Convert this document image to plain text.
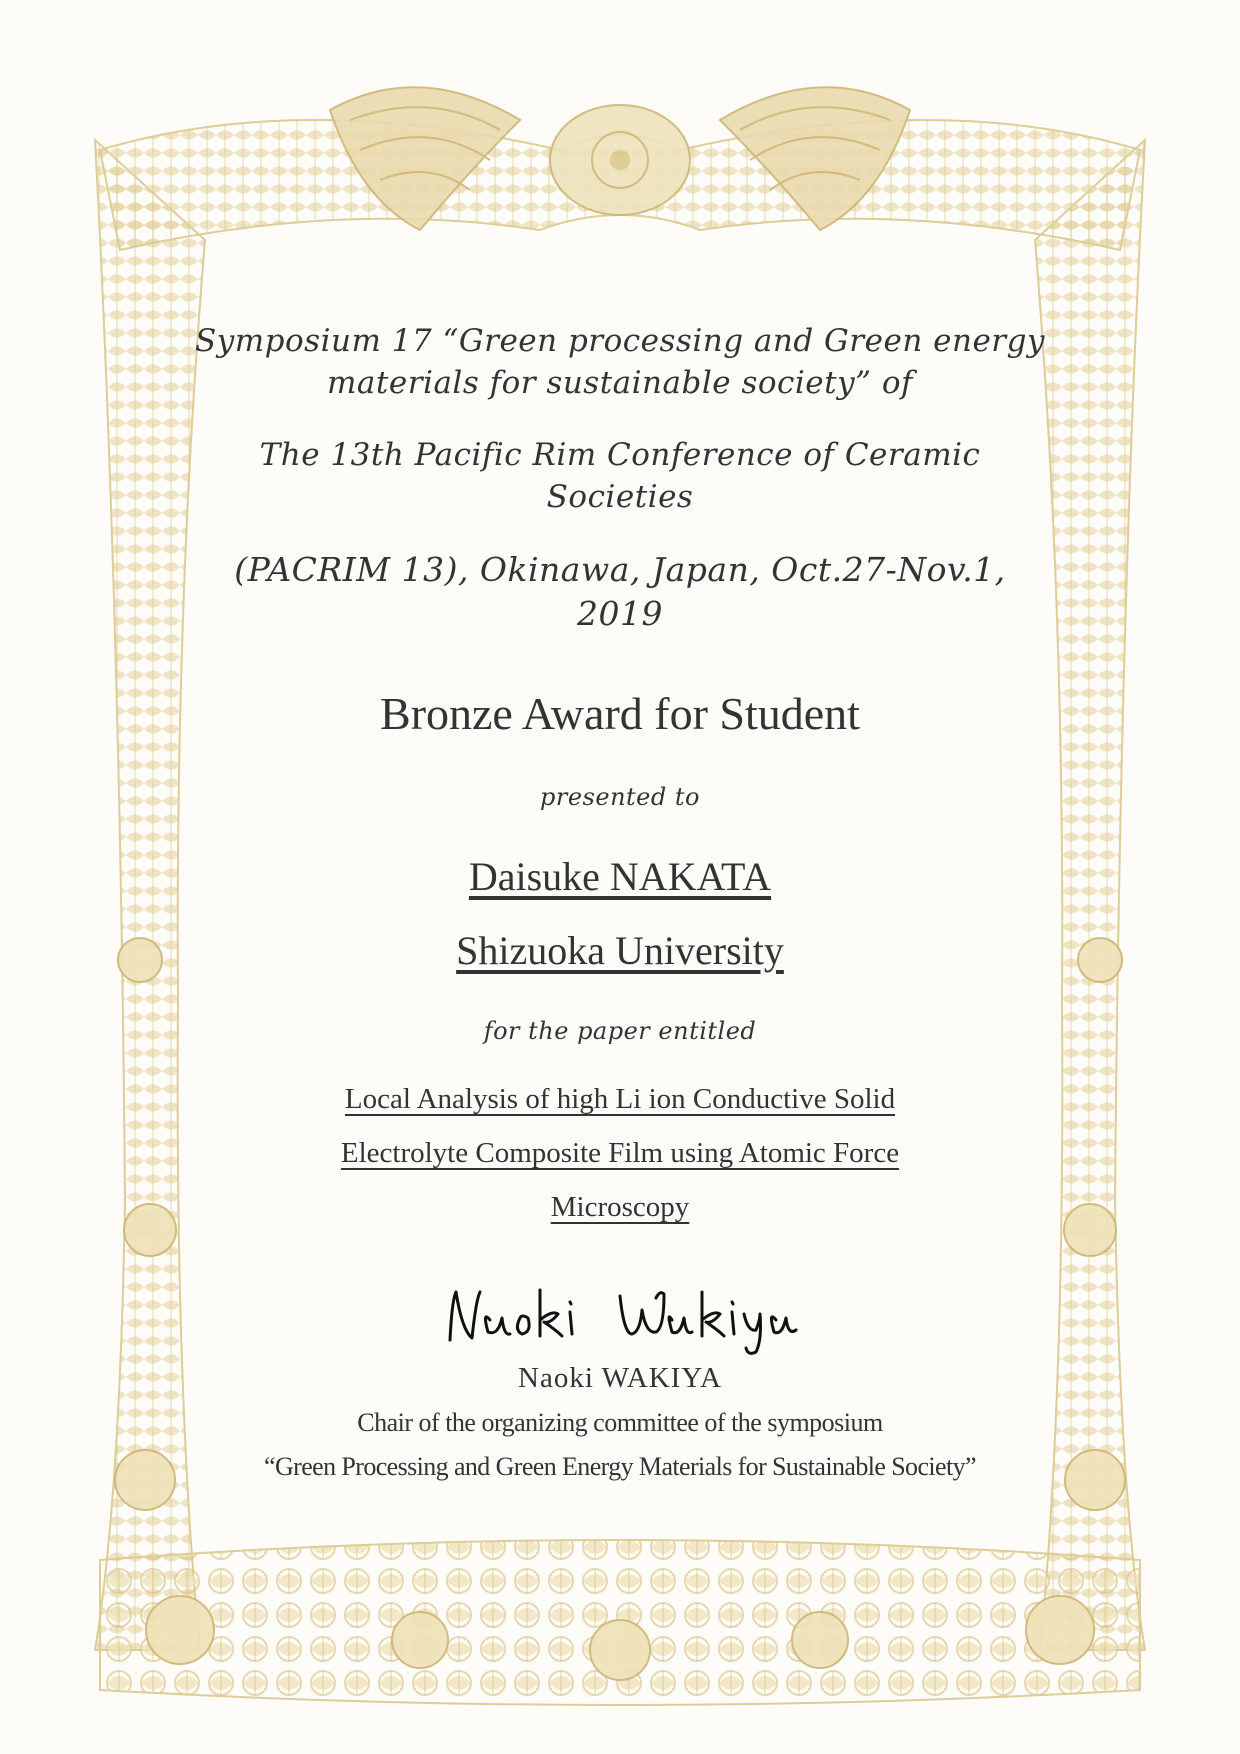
Symposium 17 “Green processing and Green energy materials for sustainable society” of

The 13th Pacific Rim Conference of Ceramic Societies

(PACRIM 13), Okinawa, Japan, Oct.27-Nov.1, 2019

Bronze Award for Student

presented to

Daisuke NAKATA

Shizuoka University

for the paper entitled

Local Analysis of high Li ion Conductive Solid

Electrolyte Composite Film using Atomic Force

Microscopy

Naoki WAKIYA

Chair of the organizing committee of the symposium

“Green Processing and Green Energy Materials for Sustainable Society”
